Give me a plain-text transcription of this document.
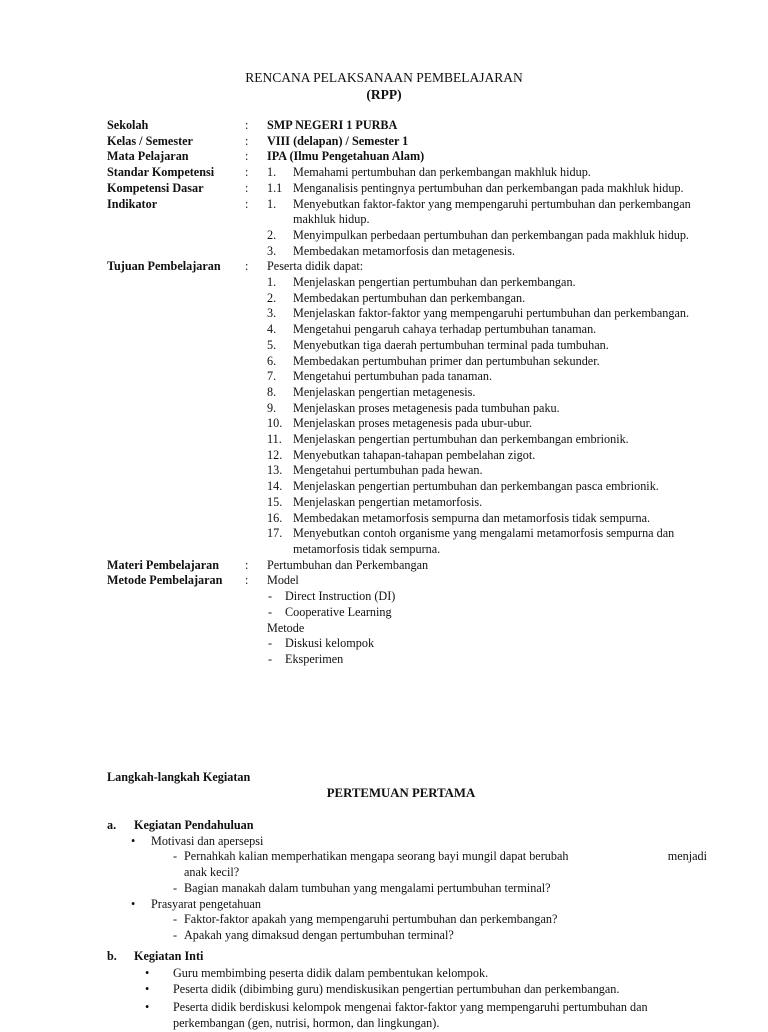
RENCANA PELAKSANAAN PEMBELAJARAN
(RPP)
Sekolah	:	SMP NEGERI 1 PURBA
Kelas / Semester	:	VIII (delapan) / Semester 1
Mata Pelajaran	:	IPA (Ilmu Pengetahuan Alam)
Standar Kompetensi	:	1.	Memahami pertumbuhan dan perkembangan makhluk hidup.
Kompetensi Dasar	:	1.1 Menganalisis pentingnya pertumbuhan dan perkembangan pada makhluk hidup.
Indikator	:	1.	Menyebutkan faktor-faktor yang mempengaruhi pertumbuhan dan perkembangan makhluk hidup.
2.	Menyimpulkan perbedaan pertumbuhan dan perkembangan pada makhluk hidup.
3.	Membedakan metamorfosis dan metagenesis.
Tujuan Pembelajaran	:	Peserta didik dapat:
1.	Menjelaskan pengertian pertumbuhan dan perkembangan.
2.	Membedakan pertumbuhan dan perkembangan.
3.	Menjelaskan faktor-faktor yang mempengaruhi pertumbuhan dan perkembangan.
4.	Mengetahui pengaruh cahaya terhadap pertumbuhan tanaman.
5.	Menyebutkan tiga daerah pertumbuhan terminal pada tumbuhan.
6.	Membedakan pertumbuhan primer dan pertumbuhan sekunder.
7.	Mengetahui pertumbuhan pada tanaman.
8.	Menjelaskan pengertian metagenesis.
9.	Menjelaskan proses metagenesis pada tumbuhan paku.
10. Menjelaskan proses metagenesis pada ubur-ubur.
11. Menjelaskan pengertian pertumbuhan dan perkembangan embrionik.
12. Menyebutkan tahapan-tahapan pembelahan zigot.
13. Mengetahui pertumbuhan pada hewan.
14. Menjelaskan pengertian pertumbuhan dan perkembangan pasca embrionik.
15. Menjelaskan pengertian metamorfosis.
16. Membedakan metamorfosis sempurna dan metamorfosis tidak sempurna.
17. Menyebutkan contoh organisme yang mengalami metamorfosis sempurna dan metamorfosis tidak sempurna.
Materi Pembelajaran	:	Pertumbuhan dan Perkembangan
Metode Pembelajaran	:	Model
-	Direct Instruction (DI)
-	Cooperative Learning
Metode
-	Diskusi kelompok
-	Eksperimen
Langkah-langkah Kegiatan
PERTEMUAN PERTAMA
a.	Kegiatan Pendahuluan
•	Motivasi dan apersepsi
- Pernahkah kalian memperhatikan mengapa seorang bayi mungil dapat berubah	menjadi
anak kecil?
- Bagian manakah dalam tumbuhan yang mengalami pertumbuhan terminal?
•	Prasyarat pengetahuan
- Faktor-faktor apakah yang mempengaruhi pertumbuhan dan perkembangan?
- Apakah yang dimaksud dengan pertumbuhan terminal?
b.	Kegiatan Inti
•	Guru membimbing peserta didik dalam pembentukan kelompok.
•	Peserta didik (dibimbing guru) mendiskusikan pengertian pertumbuhan dan perkembangan.
•	Peserta didik berdiskusi kelompok mengenai faktor-faktor yang mempengaruhi pertumbuhan dan perkembangan (gen, nutrisi, hormon, dan lingkungan).
